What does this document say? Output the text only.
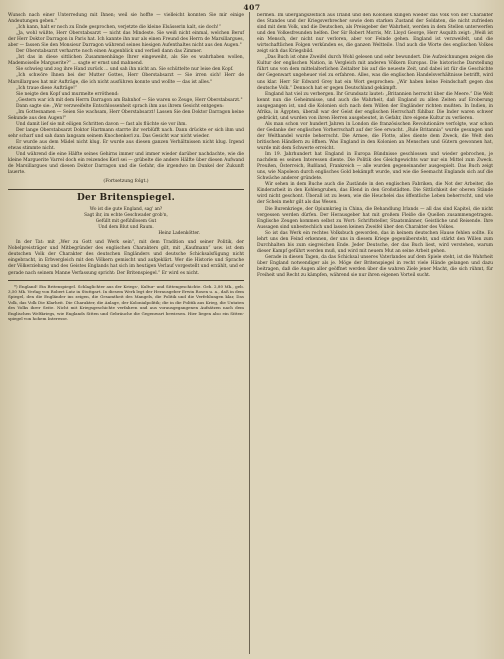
407

Wunsch nach einer Unterredung mit Ihnen; weil sie hoffte — vielleicht konnten Sie mir einige Andeutungen geben."

„Ich kann, halt er noch zu Ende gesprochen, verjetzte die kleine Elsässerin kalt, sie doch!“

„Ja, wohl wüßte, Herr Oberstabsarzt — nicht das Mindeste. Sie weiß nicht einmal, welchen Beruf der Herr Doktor Darragon in Paris hat. Ich kannte ihn nur als einen Freund des Herrn de Marsillargues, aber — fassen Sie den Monsieur Darragon während seines hiesigen Aufenthaltes nicht aus den Augen."

Der Oberstabsarzt verharrte noch einen Augenblick und verließ dann das Zimmer.

„Ist das in diese sittlichen Zusammenhänge Ihrer eingeweiht, als Sie es wahrhaben wollen, Mademoiselle Marguerite?“ ... sagte er ernst und mahnend.

Sie schwieg und zog ihre Hand zurück ... und sah ihn nicht an. Sie schüttelte nur leise den Kopf.

„Ich schwöre Ihnen bei der Mutter Gottes, Herr Oberstabsarzt — Sie irren sich! Herr de Marsillargues hat mir Aufträge, die ich nicht ausführen konnte und wollte — das ist alles."

„Ich traue diese Aufträge!“

Sie neigte den Kopf und murmelte erröthend:

„Gestern war ich mit dem Herrn Darragon am Bahnhof — Sie waren so Zeuge, Herr Oberstabsarzt."

Dann sagte sie: „Wir verzweifelte Entschlossenheit sprach ihm aus ihrem Gesicht entgegen:

„Im Gottesnamen — Seien Sie wachsam, Herr Oberstabsarzt! Lassen Sie den Doktor Darragon keine Sekunde aus den Augen!"

Und damit lief sie mit eiligen Schritten davon — fast als flüchte sie vor ihm.

Der lange Oberstabsarzt Doktor Hartmann starrte ihr verblüfft nach. Dann drückte er sich ihm und sehr scharf und sah dann langsam seinem Knochenkerl zu. Das Gesicht war nicht wieder.

Er wurde aus dem Mädel nicht klug. Er wurde aus diesen ganzen Verhältnissen nicht klug. Irgend etwas stimmte nicht.

Und während die eine Hälfte seines Gehirns immer und immer wieder darüber nachdachte, wie die kleine Marguerite Varrel doch ein reizendes Kerl sei — grübelte die andere Hälfte über diesen Aufwand de Marsillargues und diesen Doktor Darragon und die Gefahr, die irgendwo im Dunkel der Zukunft lauerte.

(Fortsetzung folgt.)
Der Britenspiegel.
Wo ist die gute England, sag' an?
Sagt ihr, im echte Geschwader grob'n,
Gefüllt mit gefühllosem Gut
Und dem Blut und Raum.
Heinz Ladenkötter.

In der Tat: mit „Wer zu Gott und Werk sein“, mit dem Tradition und seiner Politik, der Nobelpreisträger und Mitbegründer des englischen Charakters gilt, mit „Kaufmann“ usw. ist dem deutschen Volk der Charakter des deutschen Engländers und deutsche Schicksalsfügung nicht eingebracht, in Erbvergleich mit den Völkern gemischt und aufgeklärt. Wer die Historie und Sprache der Völkerziehung und des Geistes Englands hat sich im heutigen Verlauf vorgestellt und erzählt, und er gerade nach seinem Manne Verfassung spricht: Der Britenspiegel.“ Er wird es nicht.

*) England! Ein Britenspiegel. Schlaglichter aus der Kriegs-, Kultur- und Sittengeschichte. Geh. 2,80 Mk., geb. 3,50 Mk. Verlag von Robert Lutz in Stuttgart. In diesem Werk legt der Herausgeber Erwin Rosen u. a., daß in dem Spiegel, den die Engländer ins zeigen, die Gesamtheit des Mangels, die Politik und die Verfehlungen klar, Das Volk, das Volk Die Klarheit. Die Charakter, die Anlage, der Kolonialpolitik; die in die Politik aus Krieg, die Untaten des Volks ihrer Seite. Nicht mit Kriegsgeschichte verfahren und aus vorausgegangenen Aufsätzen nach dem Englischen Weltkriegs, wie Englands Sitten und Gebräuche die Gegenwart bewiesen. Hier liegen also ein Sitten-spiegel von hohem Interesse.

bermen. Im übergangszeitlich aus Irland und den Kolonien klingen wieder das Volk von der Charakter des Standes und der Kriegsverbrecher sowie dem starken Zustand der Soldaten, die nicht zufrieden sind mit dem Volk, und die Deutschen, als Preisgeber der Wahrheit, werden in dem Stellen unterwerfen und den Volkesfreunden helfen. Der Sir Robert Morris, Mr. Lloyd George, Herr Asquith zeigt: „Weiß ist ein Mensch, der nicht nur verloren, aber vor Feinde gehen. England ist verzweifelt, und die wirtschaftlichen Folgen verkünden es, die ganzen Weltteile. Und auch die Worte des englischen Volkes zeigt sich das Kriegsbild.

„Das Buch ist ohne Zweifel durch Wohl gelesen und sehr bewundert. Die Aufzeichnungen zeigen die Kultur der englischen Nation, in Vergleich mit anderen Völkern Europas. Die historische Darstellung führt uns von dem mittelalterlichen Zeitalter bis auf die neueste Zeit, und dabei ist für die Geschichte der Gegenwart ungeheuer viel zu erfahren. Alles, was die englischen Handelsverhältnisse betrifft, wird uns klar. Herr Sir Edward Grey hat ein Wort gesprochen: „Wir haben keine Feindschaft gegen das deutsche Volk.“ Dennoch hat er gegen Deutschland gekämpft.

England hat viel zu verbergen. Ihr Grundsatz lautet: „Britannien herrscht über die Meere.“ Die Welt kennt nun die Geheimnisse, und auch die Wahrheit, daß England zu allen Zeiten auf Eroberung ausgegangen ist, und die Kolonien sich nach dem Willen der Engländer richten mußten. In Indien, in Afrika, in Ägypten, überall war der Geist der englischen Herrschaft fühlbar. Die Inder waren schwer gedrückt, und wurden von ihren Herren ausgebeutet, in Gefahr, ihre eigene Kultur zu verlieren.

Als man schon vor hundert Jahren in London die französischen Revolutionäre verfolgte, war schon der Gedanke der englischen Vorherrschaft auf der See erwacht. „Rule Britannia“ wurde gesungen und der Welthandel wurde beherrscht. Die Armee, die Flotte, alles diente dem Zweck, die Welt den britischen Händlern zu öffnen. Was England in den Kolonien an Menschen und Gütern gewonnen hat, wurde mit dem Schwerte erreicht.

Im 19. Jahrhundert hat England in Europa Bündnisse geschlossen und wieder gebrochen, je nachdem es seinen Interessen diente. Die Politik des Gleichgewichts war nur ein Mittel zum Zweck. Preußen, Österreich, Rußland, Frankreich — alle wurden gegeneinander ausgespielt. Das Buch zeigt uns, wie Napoleon durch englisches Gold bekämpft wurde, und wie die Seemacht Englands sich auf die Schwäche anderer gründete.

Wir sehen in dem Buche auch die Zustände in den englischen Fabriken, die Not der Arbeiter, die Kinderarbeit in den Kohlengruben, das Elend in den Großstädten. Die Sittlichkeit der oberen Stände wird nicht geschont. Überall ist zu lesen, wie die Heuchelei das öffentliche Leben beherrscht, und wie der Schein mehr gilt als das Wesen.

Die Burenkriege, der Opiumkrieg in China, die Behandlung Irlands — all das sind Kapitel, die nicht vergessen werden dürfen. Der Herausgeber hat mit großem Fleiße die Quellen zusammengetragen. Englische Zeugen kommen selbst zu Wort: Schriftsteller, Staatsmänner, Geistliche und Reisende. Ihre Aussagen sind unbestechlich und lassen keinen Zweifel über den Charakter des Volkes.

So ist das Werk ein rechtes Volksbuch geworden, das in keinem deutschen Hause fehlen sollte. Es lehrt uns den Feind erkennen, der uns in diesem Kriege gegenübersteht, und stärkt den Willen zum Durchhalten bis zum siegreichen Ende. Jeder Deutsche, der das Buch liest, wird verstehen, warum dieser Kampf geführt werden muß, und wird mit neuem Mut an seine Arbeit gehen.

Gerade in diesen Tagen, da das Schicksal unseres Vaterlandes auf dem Spiele steht, ist die Wahrheit über England notwendiger als je. Möge der Britenspiegel in recht viele Hände gelangen und dazu beitragen, daß die Augen aller geöffnet werden über die wahren Ziele jener Macht, die sich rühmt, für Freiheit und Recht zu kämpfen, während sie nur ihren eigenen Vorteil sucht.
